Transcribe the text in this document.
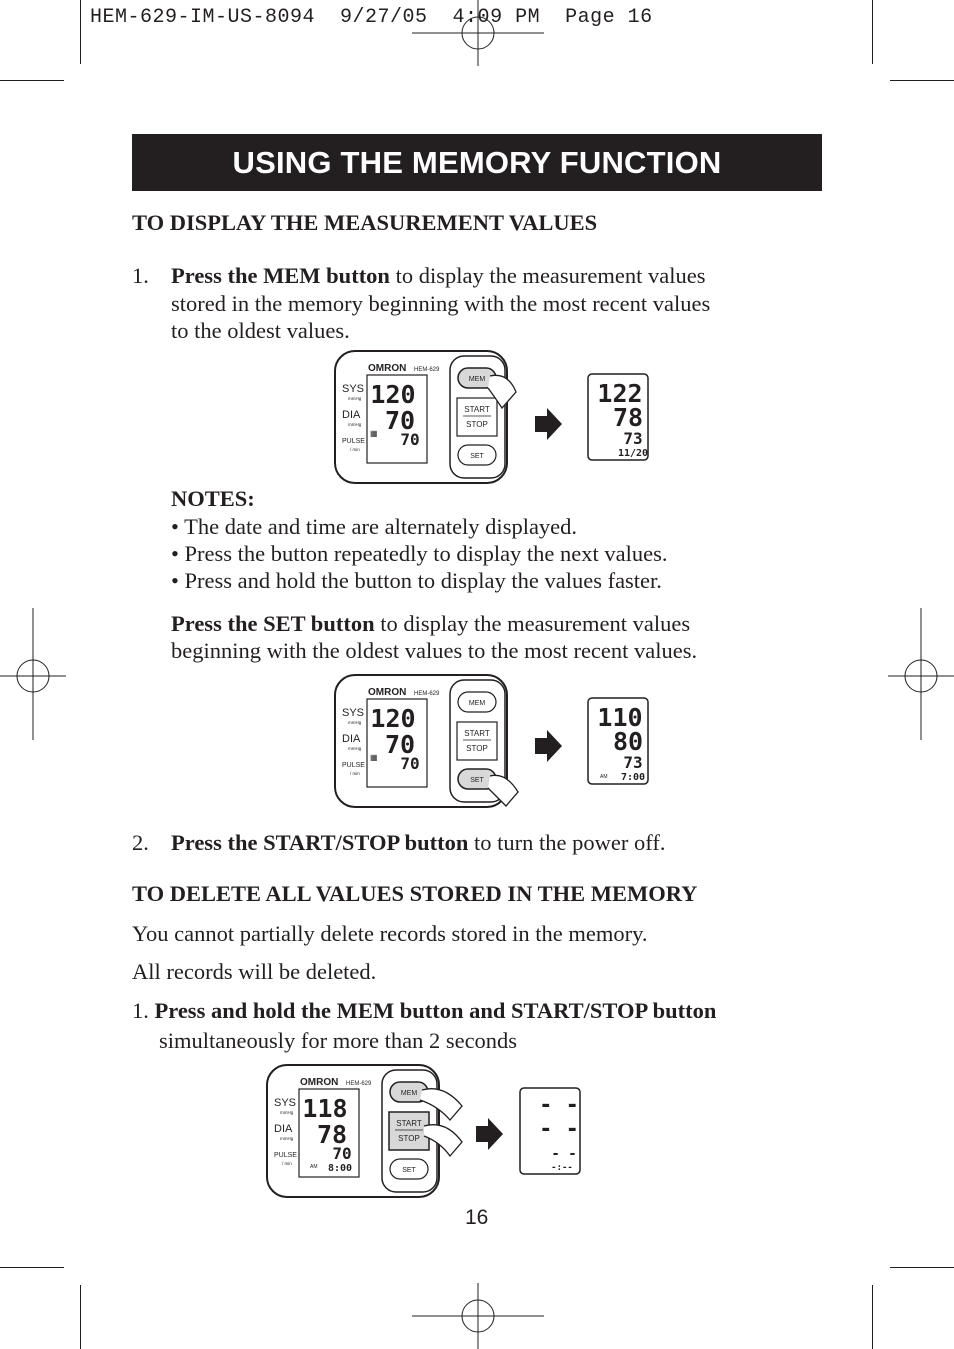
HEM-629-IM-US-8094  9/27/05  4:09 PM  Page 16
USING THE MEMORY FUNCTION
TO DISPLAY THE MEASUREMENT VALUES
1. Press the MEM button to display the measurement values
stored in the memory beginning with the most recent values
to the oldest values.
OMRON HEM-629
SYS
mmHg
DIA
mmHg
PULSE
/ min
120
70
70
▦
MEM
START
STOP
SET
122
78
73
11/20
NOTES:
• The date and time are alternately displayed.
• Press the button repeatedly to display the next values.
• Press and hold the button to display the values faster.
Press the SET button to display the measurement values
beginning with the oldest values to the most recent values.
OMRON HEM-629
SYS
mmHg
DIA
mmHg
PULSE
/ min
120
70
70
▦
MEM
START
STOP
SET
110
80
73
AM 7:00
2. Press the START/STOP button to turn the power off.
TO DELETE ALL VALUES STORED IN THE MEMORY
You cannot partially delete records stored in the memory.
All records will be deleted.
1. Press and hold the MEM button and START/STOP button
simultaneously for more than 2 seconds
OMRON HEM-629
SYS
mmHg
DIA
mmHg
PULSE
/ min
118
78
70
AM 8:00
MEM
START
STOP
SET
- -
- -
- -
-:--
16
